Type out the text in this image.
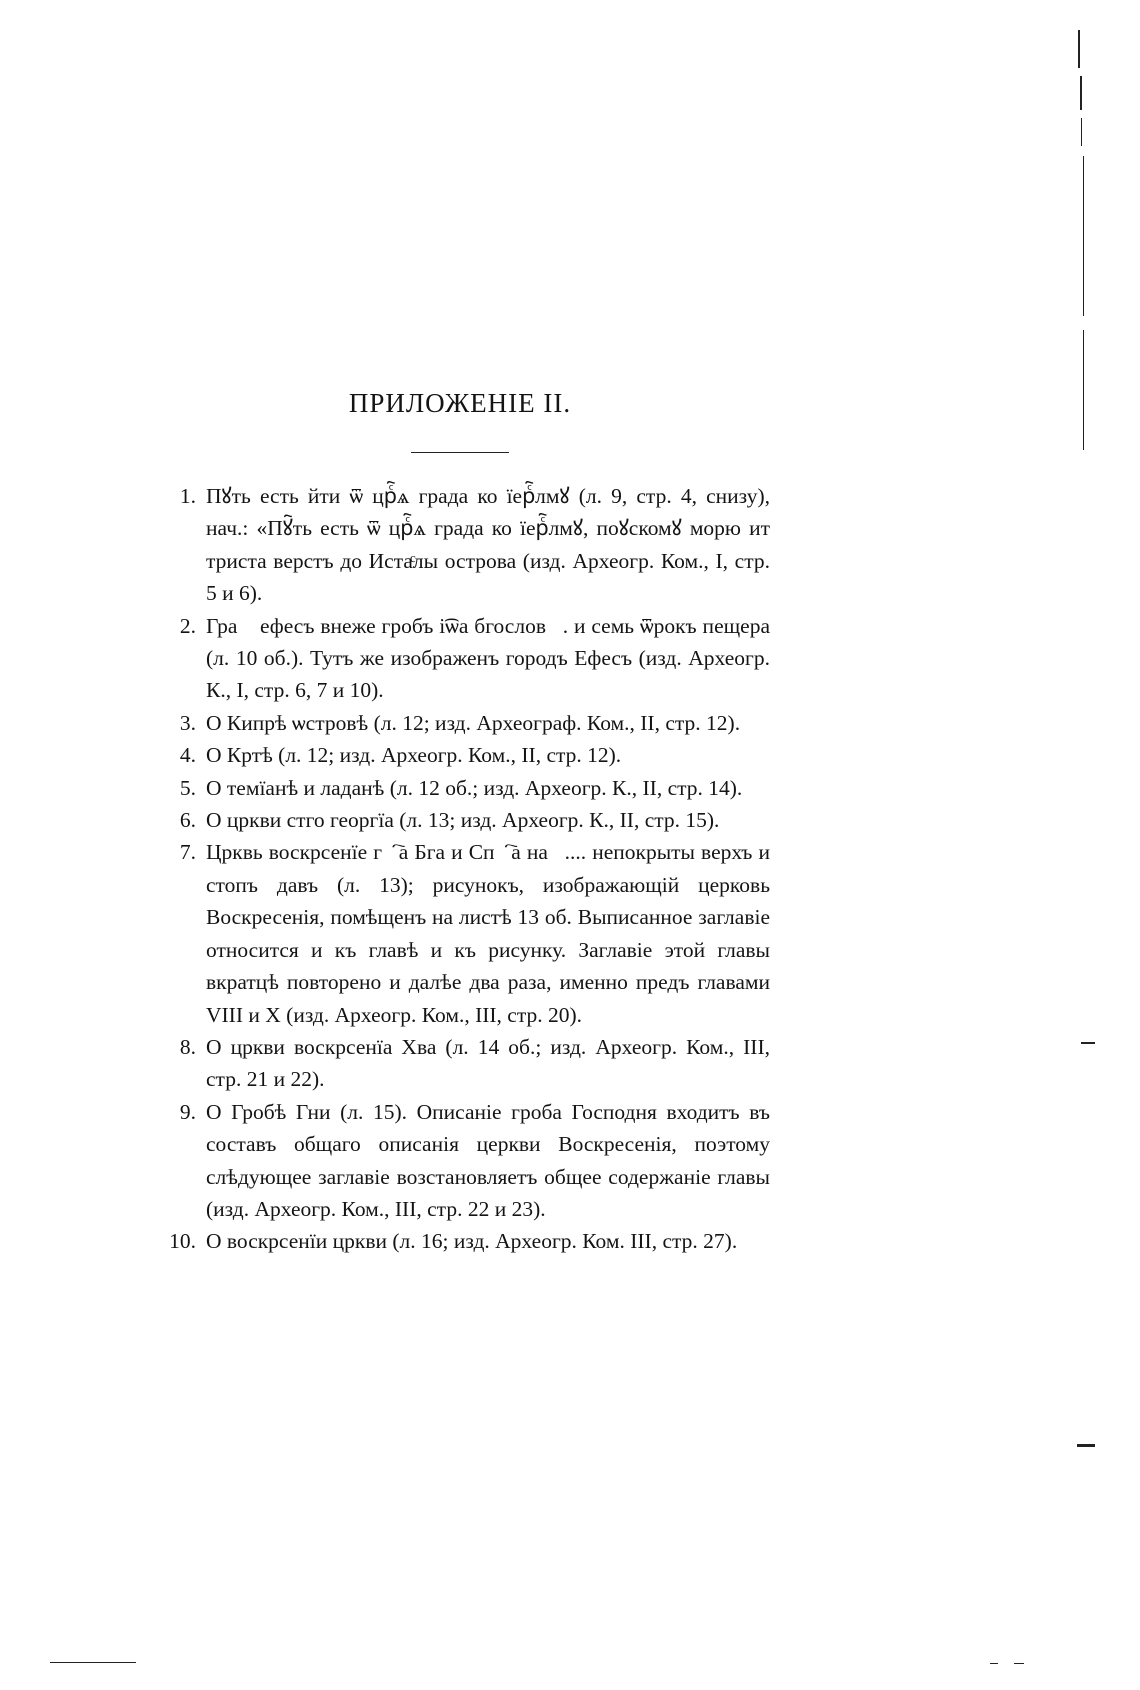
ПРИЛОЖЕНIЕ II.
1. Пꙋть есть йти ѿ црⷭ҇ѧ града ко їерⷭ҇лмꙋ (л. 9, стр. 4, снизу), нач.: «Пꙋ҇ть есть ѿ црⷭ҇ѧ града ко їерⷭ҇лмꙋ, поꙋскомꙋ морю ит триста верстъ до Истаͨлы острова (изд. Археогр. Ком., I, стр. 5 и 6).
2. Граⷣ ефесъ внеже гробъ і͡ѡа бгословⷶ. и семь ѿрокъ пещера (л. 10 об.). Тутъ же изображенъ городъ Ефесъ (изд. Археогр. К., I, стр. 6, 7 и 10).
3. О Кипрѣ ѡстровѣ (л. 12; изд. Археограф. Ком., II, стр. 12).
4. О Кртѣ (л. 12; изд. Археогр. Ком., II, стр. 12).
5. О темїанѣ и ладанѣ (л. 12 об.; изд. Археогр. К., II, стр. 14).
6. О цркви стго георгїа (л. 13; изд. Археогр. К., II, стр. 15).
7. Црквь воскрсенїе гⷭ҇а Бга и Спⷭ҇а наⷲ.... непокрыты верхъ и стопъ давъ (л. 13); рисунокъ, изображающiй церковь Воскресенiя, помѣщенъ на листѣ 13 об. Выписанное заглавiе относится и къ главѣ и къ рисунку. Заглавiе этой главы вкратцѣ повторено и далѣе два раза, именно предъ главами VIII и X (изд. Археогр. Ком., III, стр. 20).
8. О цркви воскрсенїа Хва (л. 14 об.; изд. Археогр. Ком., III, стр. 21 и 22).
9. О Гробѣ Гни (л. 15). Описанiе гроба Господня входитъ въ составъ общаго описанiя церкви Воскресенiя, поэтому слѣдующее заглавiе возстановляетъ общее содержанiе главы (изд. Археогр. Ком., III, стр. 22 и 23).
10. О воскрсенїи цркви (л. 16; изд. Археогр. Ком. III, стр. 27).
